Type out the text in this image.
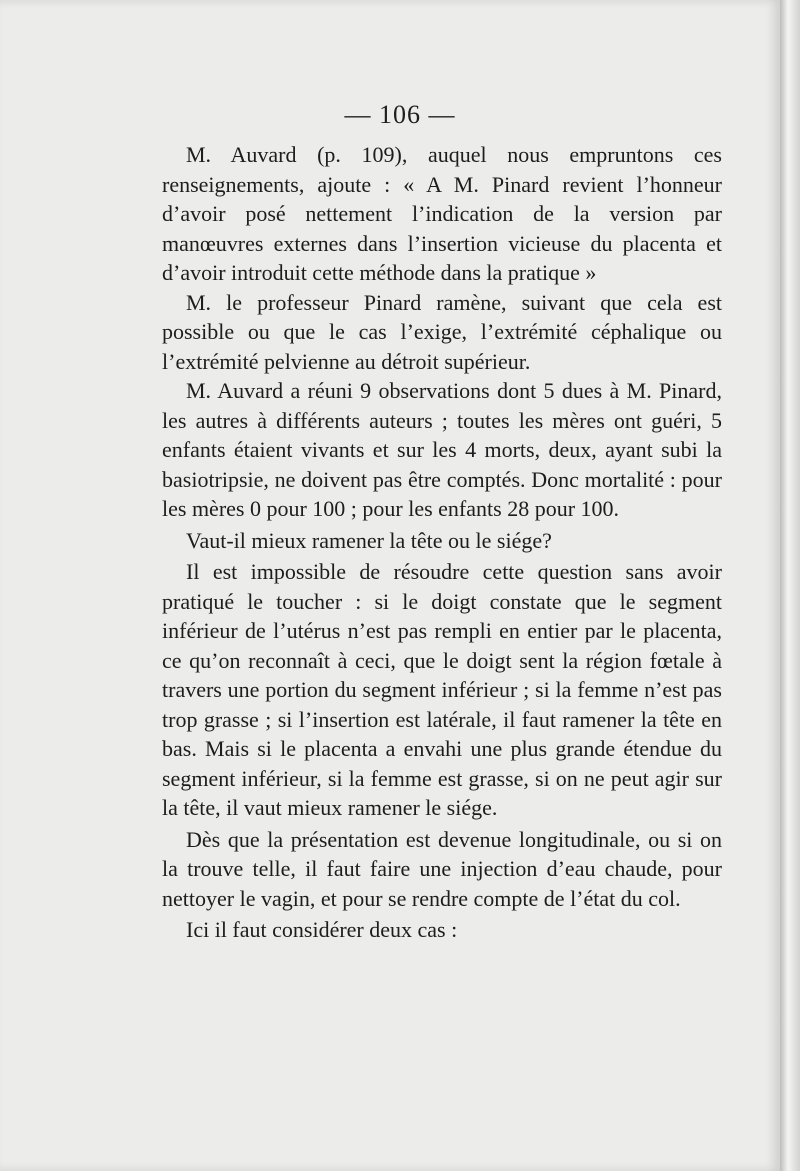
— 106 —

M. Auvard (p. 109), auquel nous empruntons ces renseignements, ajoute : « A M. Pinard revient l’honneur d’avoir posé nettement l’indication de la version par manœuvres externes dans l’insertion vicieuse du placenta et d’avoir introduit cette méthode dans la pratique »

M. le professeur Pinard ramène, suivant que cela est possible ou que le cas l’exige, l’extrémité céphalique ou l’extrémité pelvienne au détroit supérieur.

M. Auvard a réuni 9 observations dont 5 dues à M. Pinard, les autres à différents auteurs ; toutes les mères ont guéri, 5 enfants étaient vivants et sur les 4 morts, deux, ayant subi la basiotripsie, ne doivent pas être comptés. Donc mortalité : pour les mères 0 pour 100 ; pour les enfants 28 pour 100.

Vaut-il mieux ramener la tête ou le siége?

Il est impossible de résoudre cette question sans avoir pratiqué le toucher : si le doigt constate que le segment inférieur de l’utérus n’est pas rempli en entier par le placenta, ce qu’on reconnaît à ceci, que le doigt sent la région fœtale à travers une portion du segment inférieur ; si la femme n’est pas trop grasse ; si l’insertion est latérale, il faut ramener la tête en bas. Mais si le placenta a envahi une plus grande étendue du segment inférieur, si la femme est grasse, si on ne peut agir sur la tête, il vaut mieux ramener le siége.

Dès que la présentation est devenue longitudinale, ou si on la trouve telle, il faut faire une injection d’eau chaude, pour nettoyer le vagin, et pour se rendre compte de l’état du col.

Ici il faut considérer deux cas :
